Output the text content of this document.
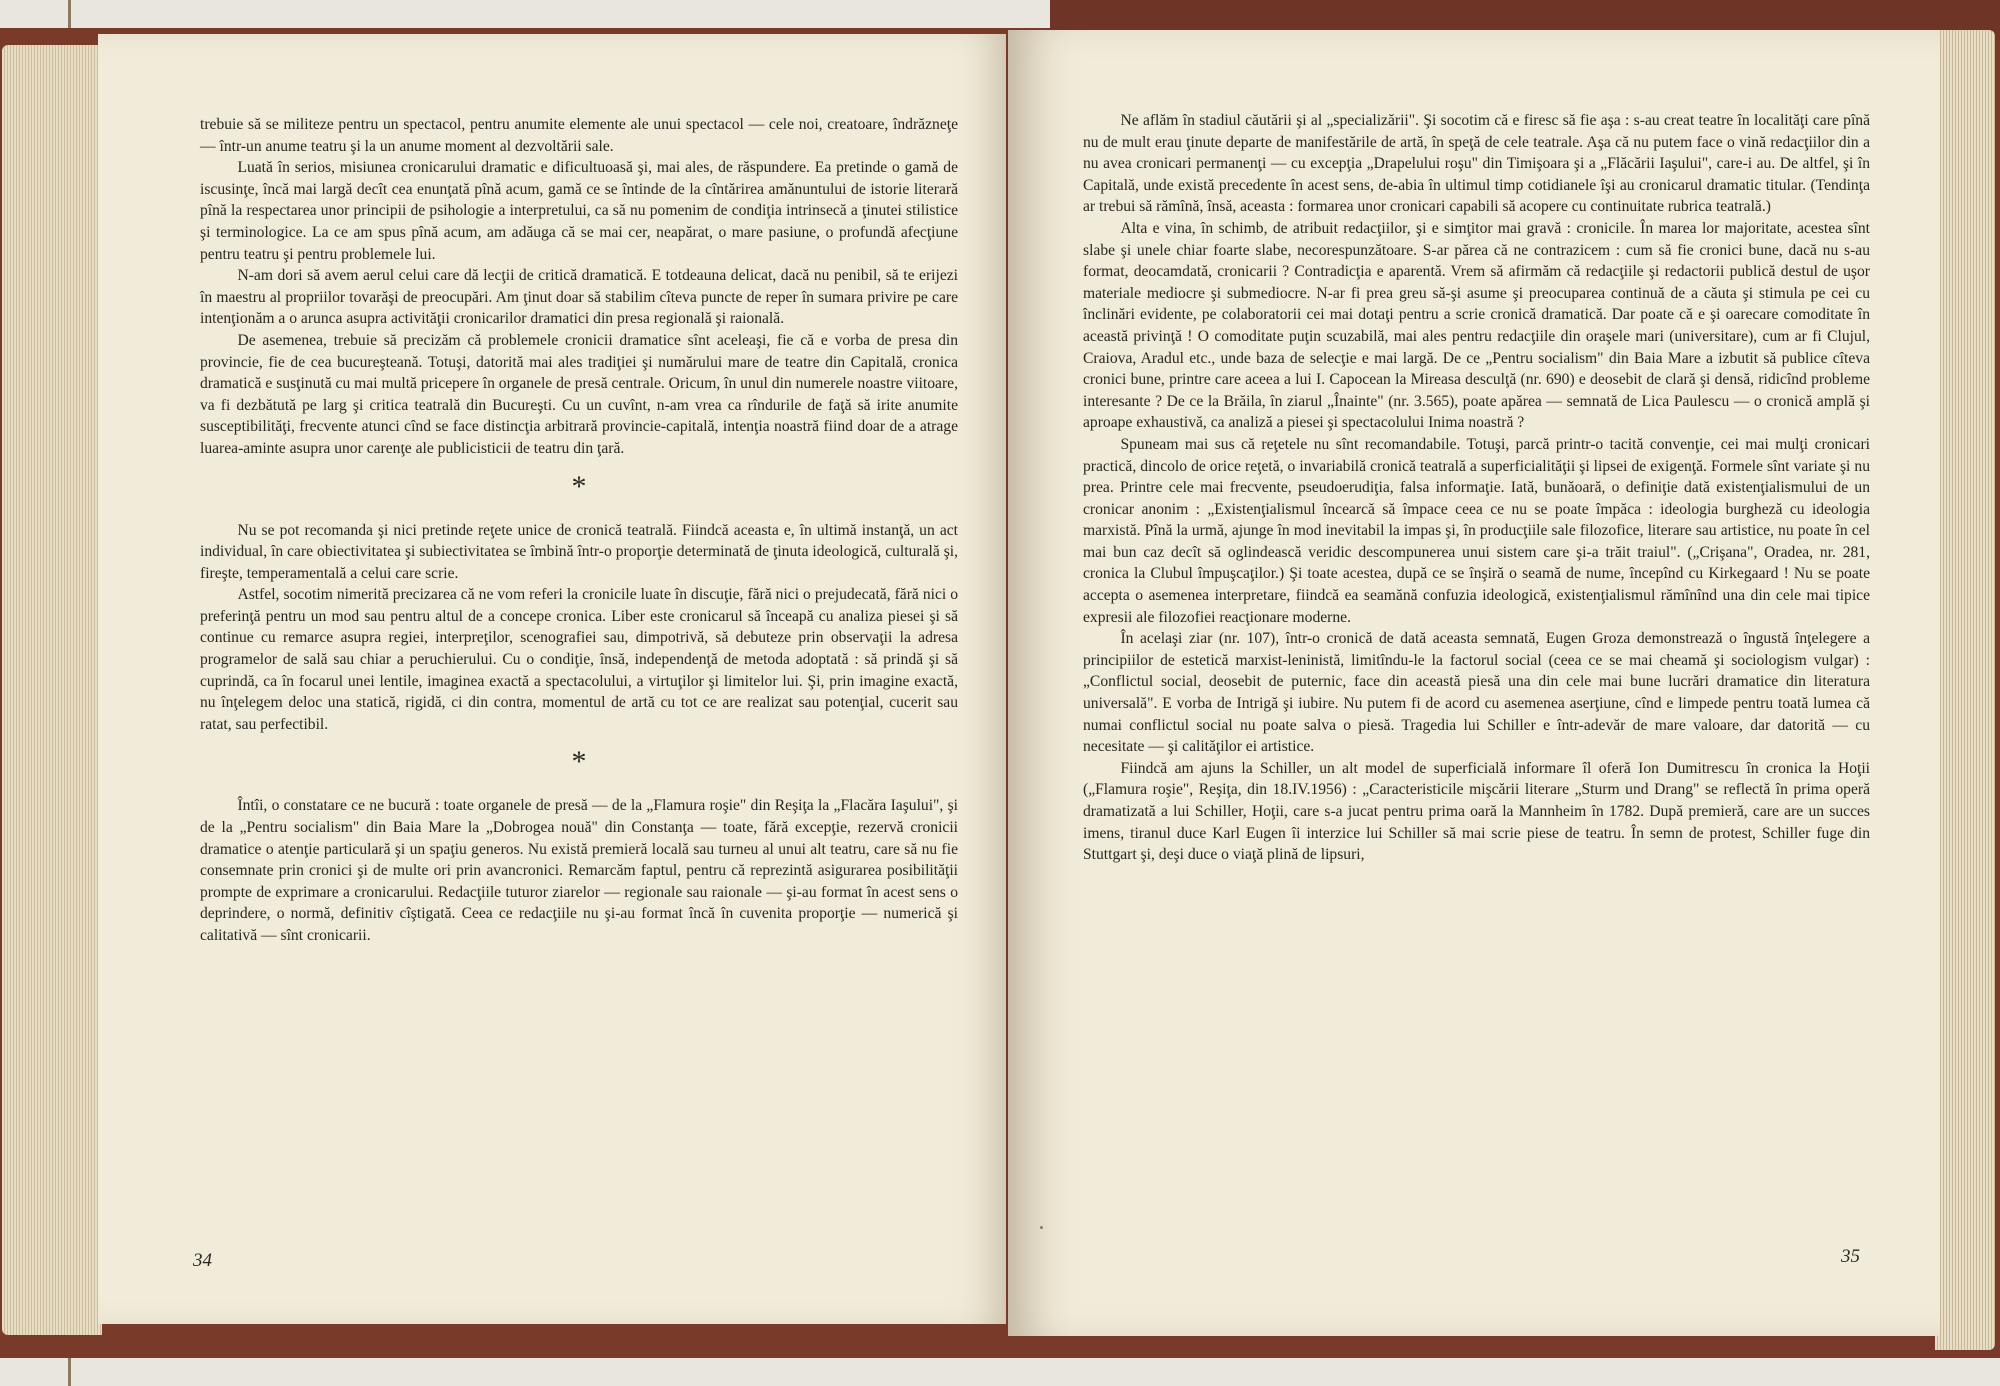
trebuie să se militeze pentru un spectacol, pentru anumite elemente ale unui spectacol — cele noi, creatoare, îndrăzneţe — într-un anume teatru şi la un anume moment al dezvoltării sale.

Luată în serios, misiunea cronicarului dramatic e dificultuoasă şi, mai ales, de răspundere. Ea pretinde o gamă de iscusinţe, încă mai largă decît cea enunţată pînă acum, gamă ce se întinde de la cîntărirea amănuntului de istorie literară pînă la respectarea unor principii de psihologie a interpretului, ca să nu pomenim de condiţia intrinsecă a ţinutei stilistice şi terminologice. La ce am spus pînă acum, am adăuga că se mai cer, neapărat, o mare pasiune, o profundă afecţiune pentru teatru şi pentru problemele lui.

N-am dori să avem aerul celui care dă lecţii de critică dramatică. E totdeauna delicat, dacă nu penibil, să te erijezi în maestru al propriilor tovarăşi de preocupări. Am ţinut doar să stabilim cîteva puncte de reper în sumara privire pe care intenţionăm a o arunca asupra activităţii cronicarilor dramatici din presa regională şi raională.

De asemenea, trebuie să precizăm că problemele cronicii dramatice sînt aceleaşi, fie că e vorba de presa din provincie, fie de cea bucureşteană. Totuşi, datorită mai ales tradiţiei şi numărului mare de teatre din Capitală, cronica dramatică e susţinută cu mai multă pricepere în organele de presă centrale. Oricum, în unul din numerele noastre viitoare, va fi dezbătută pe larg şi critica teatrală din Bucureşti. Cu un cuvînt, n-am vrea ca rîndurile de faţă să irite anumite susceptibilităţi, frecvente atunci cînd se face distincţia arbitrară provincie-capitală, intenţia noastră fiind doar de a atrage luarea-aminte asupra unor carenţe ale publicisticii de teatru din ţară.

*

Nu se pot recomanda şi nici pretinde reţete unice de cronică teatrală. Fiindcă aceasta e, în ultimă instanţă, un act individual, în care obiectivitatea şi subiectivitatea se îmbină într-o proporţie determinată de ţinuta ideologică, culturală şi, fireşte, temperamentală a celui care scrie.

Astfel, socotim nimerită precizarea că ne vom referi la cronicile luate în discuţie, fără nici o prejudecată, fără nici o preferinţă pentru un mod sau pentru altul de a concepe cronica. Liber este cronicarul să înceapă cu analiza piesei şi să continue cu remarce asupra regiei, interpreţilor, scenografiei sau, dimpotrivă, să debuteze prin observaţii la adresa programelor de sală sau chiar a peruchierului. Cu o condiţie, însă, independenţă de metoda adoptată : să prindă şi să cuprindă, ca în focarul unei lentile, imaginea exactă a spectacolului, a virtuţilor şi limitelor lui. Şi, prin imagine exactă, nu înţelegem deloc una statică, rigidă, ci din contra, momentul de artă cu tot ce are realizat sau potenţial, cucerit sau ratat, sau perfectibil.

*

Întîi, o constatare ce ne bucură : toate organele de presă — de la „Flamura roşie" din Reşiţa la „Flacăra Iaşului", şi de la „Pentru socialism" din Baia Mare la „Dobrogea nouă" din Constanţa — toate, fără excepţie, rezervă cronicii dramatice o atenţie particulară şi un spaţiu generos. Nu există premieră locală sau turneu al unui alt teatru, care să nu fie consemnate prin cronici şi de multe ori prin avancronici. Remarcăm faptul, pentru că reprezintă asigurarea posibilităţii prompte de exprimare a cronicarului. Redacţiile tuturor ziarelor — regionale sau raionale — şi-au format în acest sens o deprindere, o normă, definitiv cîştigată. Ceea ce redacţiile nu şi-au format încă în cuvenita proporţie — numerică şi calitativă — sînt cronicarii.

34

Ne aflăm în stadiul căutării şi al „specializării". Şi socotim că e firesc să fie aşa : s-au creat teatre în localităţi care pînă nu de mult erau ţinute departe de manifestările de artă, în speţă de cele teatrale. Aşa că nu putem face o vină redacţiilor din a nu avea cronicari permanenţi — cu excepţia „Drapelului roşu" din Timişoara şi a „Flăcării Iaşului", care-i au. De altfel, şi în Capitală, unde există precedente în acest sens, de-abia în ultimul timp cotidianele îşi au cronicarul dramatic titular. (Tendinţa ar trebui să rămînă, însă, aceasta : formarea unor cronicari capabili să acopere cu continuitate rubrica teatrală.)

Alta e vina, în schimb, de atribuit redacţiilor, şi e simţitor mai gravă : cronicile. În marea lor majoritate, acestea sînt slabe şi unele chiar foarte slabe, necorespunzătoare. S-ar părea că ne contrazicem : cum să fie cronici bune, dacă nu s-au format, deocamdată, cronicarii ? Contradicţia e aparentă. Vrem să afirmăm că redacţiile şi redactorii publică destul de uşor materiale mediocre şi submediocre. N-ar fi prea greu să-şi asume şi preocuparea continuă de a căuta şi stimula pe cei cu înclinări evidente, pe colaboratorii cei mai dotaţi pentru a scrie cronică dramatică. Dar poate că e şi oarecare comoditate în această privinţă ! O comoditate puţin scuzabilă, mai ales pentru redacţiile din oraşele mari (universitare), cum ar fi Clujul, Craiova, Aradul etc., unde baza de selecţie e mai largă. De ce „Pentru socialism" din Baia Mare a izbutit să publice cîteva cronici bune, printre care aceea a lui I. Capocean la Mireasa desculţă (nr. 690) e deosebit de clară şi densă, ridicînd probleme interesante ? De ce la Brăila, în ziarul „Înainte" (nr. 3.565), poate apărea — semnată de Lica Paulescu — o cronică amplă şi aproape exhaustivă, ca analiză a piesei şi spectacolului Inima noastră ?

Spuneam mai sus că reţetele nu sînt recomandabile. Totuşi, parcă printr-o tacită convenţie, cei mai mulţi cronicari practică, dincolo de orice reţetă, o invariabilă cronică teatrală a superficialităţii şi lipsei de exigenţă. Formele sînt variate şi nu prea. Printre cele mai frecvente, pseudoerudiţia, falsa informaţie. Iată, bunăoară, o definiţie dată existenţialismului de un cronicar anonim : „Existenţialismul încearcă să împace ceea ce nu se poate împăca : ideologia burgheză cu ideologia marxistă. Pînă la urmă, ajunge în mod inevitabil la impas şi, în producţiile sale filozofice, literare sau artistice, nu poate în cel mai bun caz decît să oglindească veridic descompunerea unui sistem care şi-a trăit traiul". („Crişana", Oradea, nr. 281, cronica la Clubul împuşcaţilor.) Şi toate acestea, după ce se înşiră o seamă de nume, începînd cu Kirkegaard ! Nu se poate accepta o asemenea interpretare, fiindcă ea seamănă confuzia ideologică, existenţialismul rămînînd una din cele mai tipice expresii ale filozofiei reacţionare moderne.

În acelaşi ziar (nr. 107), într-o cronică de dată aceasta semnată, Eugen Groza demonstrează o îngustă înţelegere a principiilor de estetică marxist-leninistă, limitîndu-le la factorul social (ceea ce se mai cheamă şi sociologism vulgar) : „Conflictul social, deosebit de puternic, face din această piesă una din cele mai bune lucrări dramatice din literatura universală". E vorba de Intrigă şi iubire. Nu putem fi de acord cu asemenea aserţiune, cînd e limpede pentru toată lumea că numai conflictul social nu poate salva o piesă. Tragedia lui Schiller e într-adevăr de mare valoare, dar datorită — cu necesitate — şi calităţilor ei artistice.

Fiindcă am ajuns la Schiller, un alt model de superficială informare îl oferă Ion Dumitrescu în cronica la Hoţii („Flamura roşie", Reşiţa, din 18.IV.1956) : „Caracteristicile mişcării literare „Sturm und Drang" se reflectă în prima operă dramatizată a lui Schiller, Hoţii, care s-a jucat pentru prima oară la Mannheim în 1782. După premieră, care are un succes imens, tiranul duce Karl Eugen îi interzice lui Schiller să mai scrie piese de teatru. În semn de protest, Schiller fuge din Stuttgart şi, deşi duce o viaţă plină de lipsuri,

35
